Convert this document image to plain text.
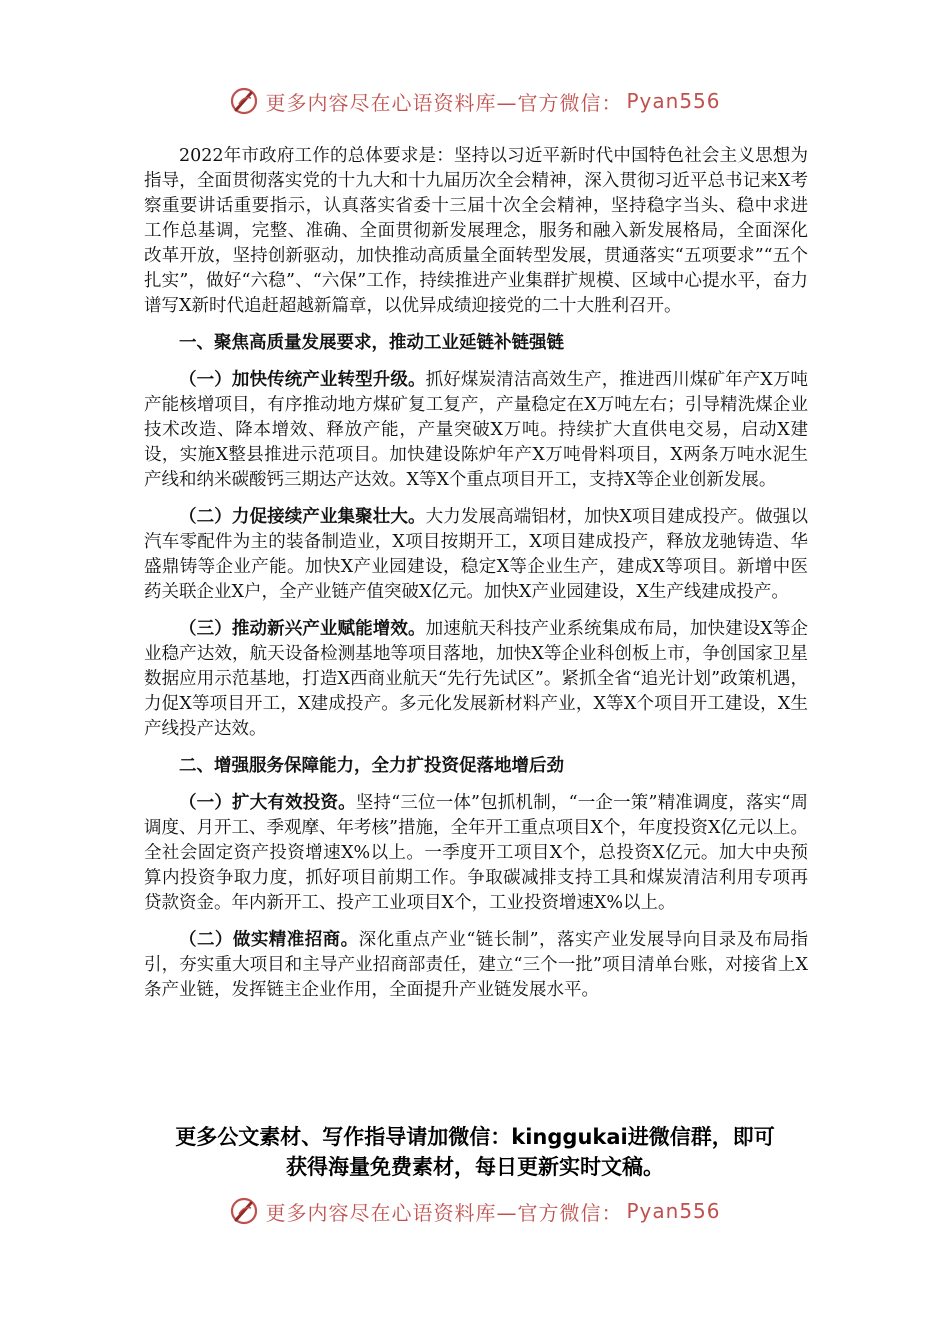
更多内容尽在心语资料库—官方微信： Pyan556

2022年市政府工作的总体要求是：坚持以习近平新时代中国特色社会主义思想为指导，全面贯彻落实党的十九大和十九届历次全会精神，深入贯彻习近平总书记来X考察重要讲话重要指示，认真落实省委十三届十次全会精神，坚持稳字当头、稳中求进工作总基调，完整、准确、全面贯彻新发展理念，服务和融入新发展格局，全面深化改革开放，坚持创新驱动，加快推动高质量全面转型发展，贯通落实“五项要求”“五个扎实”，做好“六稳”、“六保”工作，持续推进产业集群扩规模、区域中心提水平，奋力谱写X新时代追赶超越新篇章，以优异成绩迎接党的二十大胜利召开。

一、聚焦高质量发展要求，推动工业延链补链强链

（一）加快传统产业转型升级。抓好煤炭清洁高效生产，推进西川煤矿年产X万吨产能核增项目，有序推动地方煤矿复工复产，产量稳定在X万吨左右；引导精洗煤企业技术改造、降本增效、释放产能，产量突破X万吨。持续扩大直供电交易，启动X建设，实施X整县推进示范项目。加快建设陈炉年产X万吨骨料项目，X两条万吨水泥生产线和纳米碳酸钙三期达产达效。X等X个重点项目开工，支持X等企业创新发展。

（二）力促接续产业集聚壮大。大力发展高端铝材，加快X项目建成投产。做强以汽车零配件为主的装备制造业，X项目按期开工，X项目建成投产，释放龙驰铸造、华盛鼎铸等企业产能。加快X产业园建设，稳定X等企业生产，建成X等项目。新增中医药关联企业X户，全产业链产值突破X亿元。加快X产业园建设，X生产线建成投产。

（三）推动新兴产业赋能增效。加速航天科技产业系统集成布局，加快建设X等企业稳产达效，航天设备检测基地等项目落地，加快X等企业科创板上市，争创国家卫星数据应用示范基地，打造X西商业航天“先行先试区”。紧抓全省“追光计划”政策机遇，力促X等项目开工，X建成投产。多元化发展新材料产业，X等X个项目开工建设，X生产线投产达效。

二、增强服务保障能力，全力扩投资促落地增后劲

（一）扩大有效投资。坚持“三位一体”包抓机制，“一企一策”精准调度，落实“周调度、月开工、季观摩、年考核”措施，全年开工重点项目X个，年度投资X亿元以上。全社会固定资产投资增速X%以上。一季度开工项目X个，总投资X亿元。加大中央预算内投资争取力度，抓好项目前期工作。争取碳减排支持工具和煤炭清洁利用专项再贷款资金。年内新开工、投产工业项目X个，工业投资增速X%以上。

（二）做实精准招商。深化重点产业“链长制”，落实产业发展导向目录及布局指引，夯实重大项目和主导产业招商部责任，建立“三个一批”项目清单台账，对接省上X条产业链，发挥链主企业作用，全面提升产业链发展水平。

更多公文素材、写作指导请加微信：kinggukai进微信群，即可
获得海量免费素材，每日更新实时文稿。
更多内容尽在心语资料库—官方微信： Pyan556
